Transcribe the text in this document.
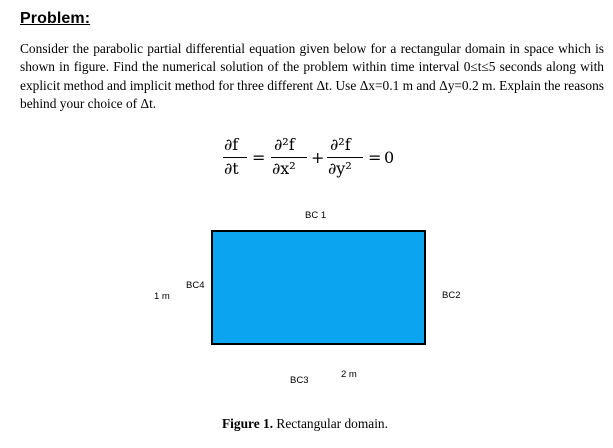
Problem:

Consider the parabolic partial differential equation given below for a rectangular domain in space which is shown in figure. Find the numerical solution of the problem within time interval 0≤t≤5 seconds along with explicit method and implicit method for three different Δt. Use Δx=0.1 m and Δy=0.2 m. Explain the reasons behind your choice of Δt.

∂f
∂t
=
∂²f
∂x²
+
∂²f
∂y²
= 0
BC 1
BC4
1 m	BC2
2 m
BC3
Figure 1. Rectangular domain.
